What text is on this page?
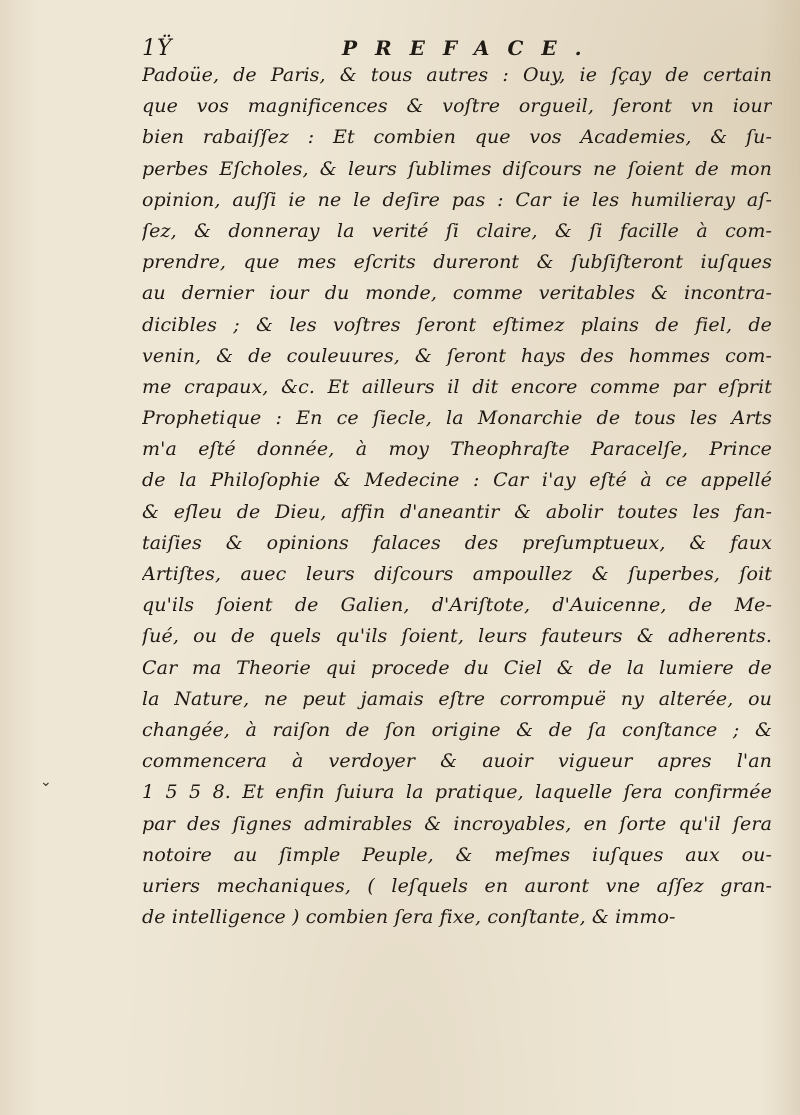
1Ÿ	PREFACE.
Padoüe, de Paris, & tous autres : Ouy, ie ſçay de certain
que vos magnificences & voſtre orgueil, ſeront vn iour
bien rabaiſſez : Et combien que vos Academies, & ſu-
perbes Eſcholes, & leurs ſublimes diſcours ne ſoient de mon
opinion, auſſi ie ne le deſire pas : Car ie les humilieray aſ-
ſez, & donneray la verité ſi claire, & ſi facille à com-
prendre, que mes eſcrits dureront & ſubſiſteront iuſques
au dernier iour du monde, comme veritables & incontra-
dicibles ; & les voſtres ſeront eſtimez plains de fiel, de
venin, & de couleuures, & ſeront hays des hommes com-
me crapaux, &c. Et ailleurs il dit encore comme par eſprit
Prophetique : En ce ſiecle, la Monarchie de tous les Arts
m'a eſté donnée, à moy Theophraſte Paracelſe, Prince
de la Philoſophie & Medecine : Car i'ay eſté à ce appellé
& eſleu de Dieu, affin d'aneantir & abolir toutes les fan-
taiſies & opinions falaces des preſumptueux, & faux
Artiſtes, auec leurs diſcours ampoullez & ſuperbes, ſoit
qu'ils ſoient de Galien, d'Ariſtote, d'Auicenne, de Me-
ſué, ou de quels qu'ils ſoient, leurs fauteurs & adherents.
Car ma Theorie qui procede du Ciel & de la lumiere de
la Nature, ne peut jamais eſtre corrompuë ny alterée, ou
changée, à raiſon de ſon origine & de ſa conſtance ; &
commencera à verdoyer & auoir vigueur apres l'an
1 5 5 8. Et enfin ſuiura la pratique, laquelle ſera confirmée
par des ſignes admirables & incroyables, en ſorte qu'il ſera
notoire au ſimple Peuple, & meſmes iuſques aux ou-
uriers mechaniques, ( leſquels en auront vne aſſez gran-
de intelligence ) combien ſera fixe, conſtante, & immo-
⌄
